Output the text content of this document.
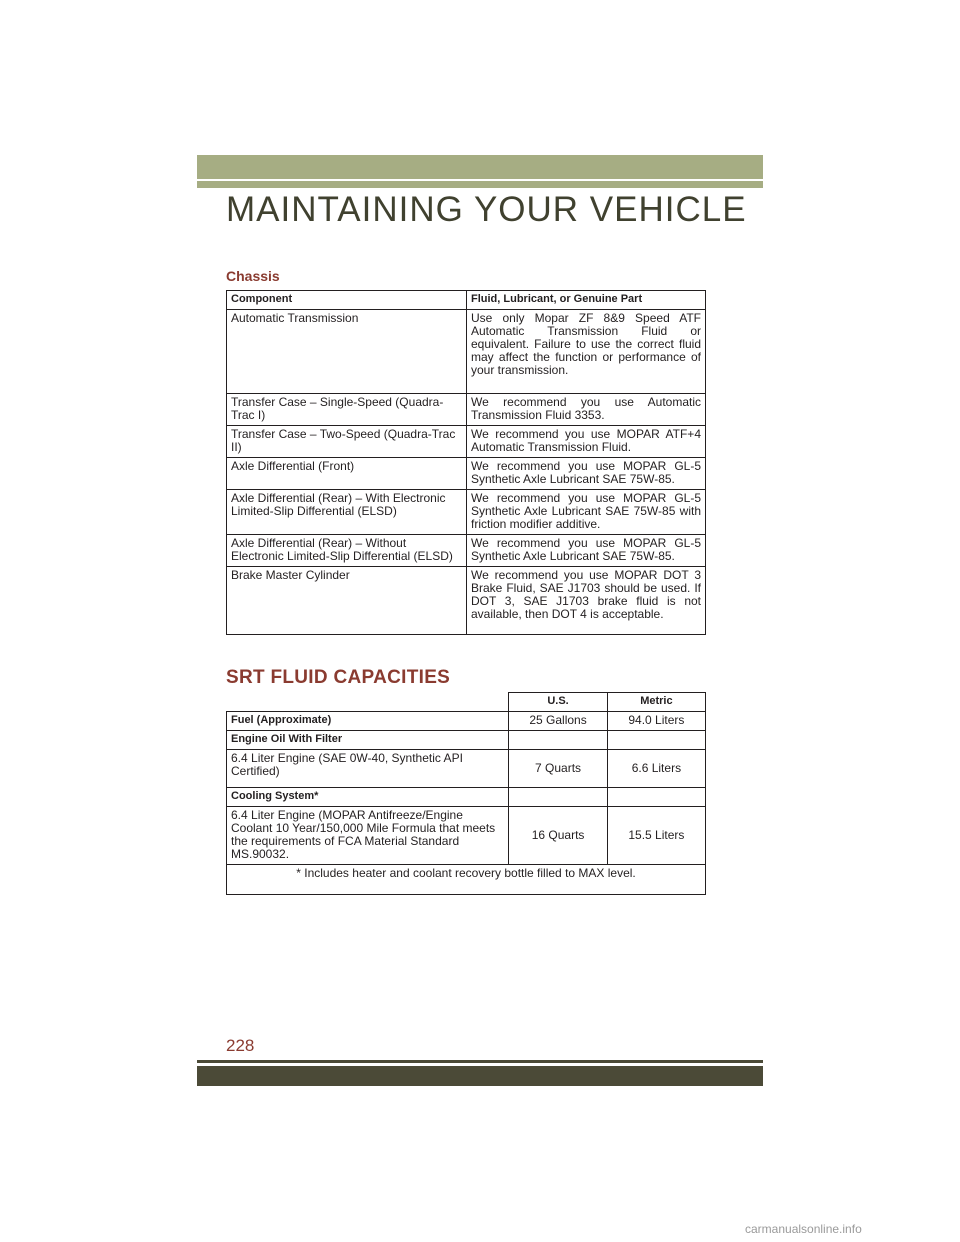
MAINTAINING YOUR VEHICLE
Chassis
Component	Fluid, Lubricant, or Genuine Part
Automatic Transmission	Use only Mopar ZF 8&9 Speed ATF Automatic Transmission Fluid or equivalent. Failure to use the correct fluid may affect the function or performance of your transmission.
Transfer Case – Single-Speed (Quadra-Trac I)	We recommend you use Automatic Transmission Fluid 3353.
Transfer Case – Two-Speed (Quadra-Trac II)	We recommend you use MOPAR ATF+4 Automatic Transmission Fluid.
Axle Differential (Front)	We recommend you use MOPAR GL-5 Synthetic Axle Lubricant SAE 75W-85.
Axle Differential (Rear) – With Electronic Limited-Slip Differential (ELSD)	We recommend you use MOPAR GL-5 Synthetic Axle Lubricant SAE 75W-85 with friction modifier additive.
Axle Differential (Rear) – Without Electronic Limited-Slip Differential (ELSD)	We recommend you use MOPAR GL-5 Synthetic Axle Lubricant SAE 75W-85.
Brake Master Cylinder	We recommend you use MOPAR DOT 3 Brake Fluid, SAE J1703 should be used. If DOT 3, SAE J1703 brake fluid is not available, then DOT 4 is acceptable.
SRT FLUID CAPACITIES
	U.S.	Metric
Fuel (Approximate)	25 Gallons	94.0 Liters
Engine Oil With Filter		
6.4 Liter Engine (SAE 0W-40, Synthetic API Certified)	7 Quarts	6.6 Liters
Cooling System*		
6.4 Liter Engine (MOPAR Antifreeze/Engine Coolant 10 Year/150,000 Mile Formula that meets the requirements of FCA Material Standard MS.90032.	16 Quarts	15.5 Liters
* Includes heater and coolant recovery bottle filled to MAX level.		
228
carmanualsonline.info
